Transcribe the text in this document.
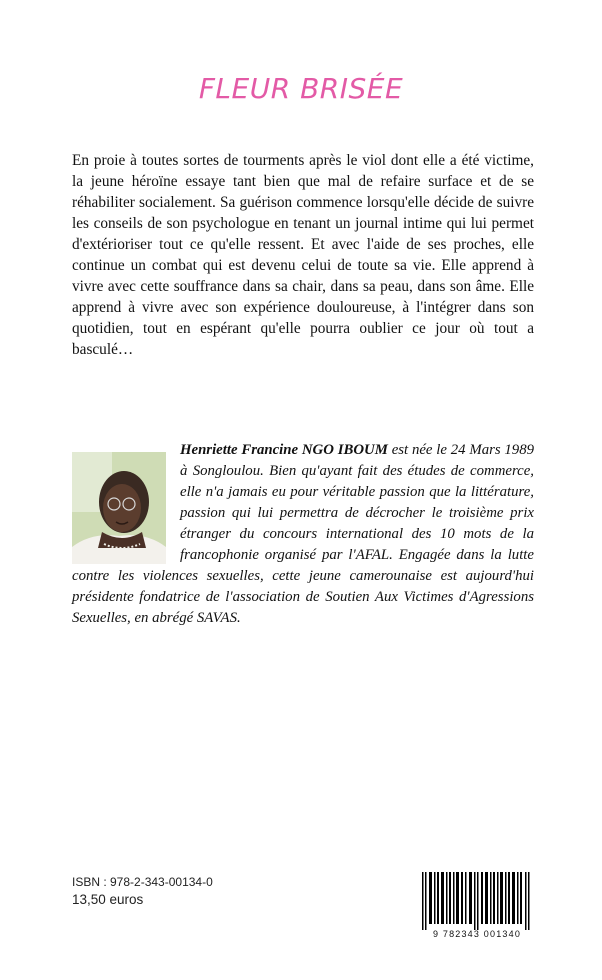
FLEUR BRISÉE
En proie à toutes sortes de tourments après le viol dont elle a été victime, la jeune héroïne essaye tant bien que mal de refaire surface et de se réhabiliter socialement. Sa guérison commence lorsqu'elle décide de suivre les conseils de son psychologue en tenant un journal intime qui lui permet d'extérioriser tout ce qu'elle ressent. Et avec l'aide de ses proches, elle continue un combat qui est devenu celui de toute sa vie. Elle apprend à vivre avec cette souffrance dans sa chair, dans sa peau, dans son âme. Elle apprend à vivre avec son expérience douloureuse, à l'intégrer dans son quotidien, tout en espérant qu'elle pourra oublier ce jour où tout a basculé…
Henriette Francine NGO IBOUM est née le 24 Mars 1989 à Songloulou. Bien qu'ayant fait des études de commerce, elle n'a jamais eu pour véritable passion que la littérature, passion qui lui permettra de décrocher le troisième prix étranger du concours international des 10 mots de la francophonie organisé par l'AFAL. Engagée dans la lutte contre les violences sexuelles, cette jeune camerounaise est aujourd'hui présidente fondatrice de l'association de Soutien Aux Victimes d'Agressions Sexuelles, en abrégé SAVAS.
ISBN : 978-2-343-00134-0
13,50 euros
9 782343 001340
